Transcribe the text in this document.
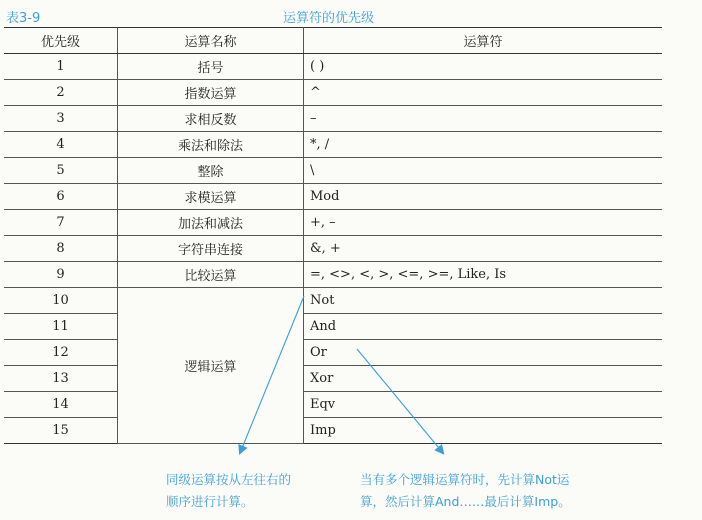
表3-9	运算符的优先级
优先级	运算名称	运算符
1	括号	( )
2	指数运算	^
3	求相反数	–
4	乘法和除法	*, /
5	整除	\
6	求模运算	Mod
7	加法和减法	+, –
8	字符串连接	&, +
9	比较运算	=, <>, <, >, <=, >=, Like, Is
10	逻辑运算	Not
11		And
12		Or
13		Xor
14		Eqv
15		Imp
同级运算按从左往右的
顺序进行计算。
当有多个逻辑运算符时，先计算Not运
算，然后计算And……最后计算Imp。
